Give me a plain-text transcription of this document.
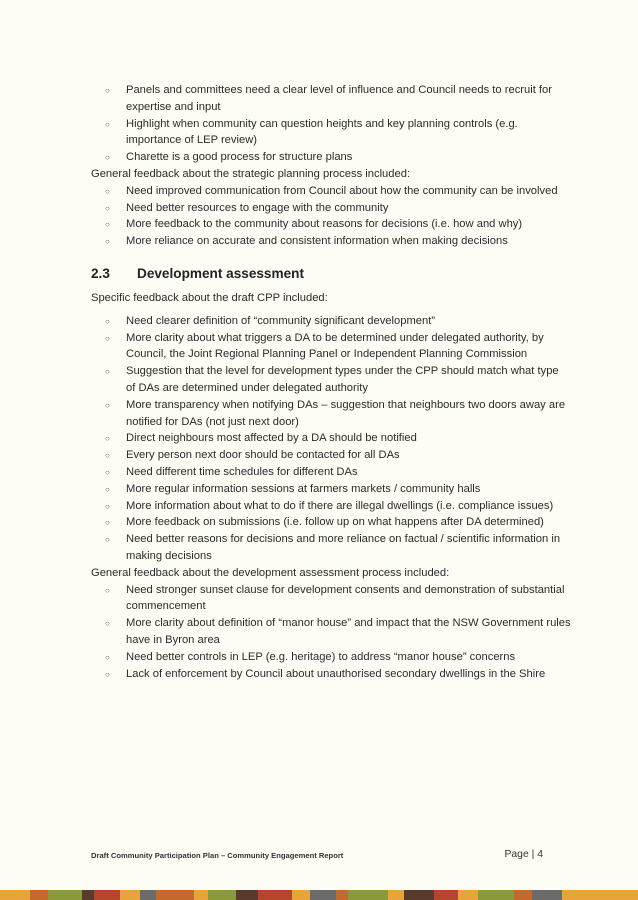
○ Panels and committees need a clear level of influence and Council needs to recruit for expertise and input
○ Highlight when community can question heights and key planning controls (e.g. importance of LEP review)
○ Charette is a good process for structure plans

General feedback about the strategic planning process included:

○ Need improved communication from Council about how the community can be involved
○ Need better resources to engage with the community
○ More feedback to the community about reasons for decisions (i.e. how and why)
○ More reliance on accurate and consistent information when making decisions
2.3 Development assessment

Specific feedback about the draft CPP included:

○ Need clearer definition of “community significant development”
○ More clarity about what triggers a DA to be determined under delegated authority, by Council, the Joint Regional Planning Panel or Independent Planning Commission
○ Suggestion that the level for development types under the CPP should match what type of DAs are determined under delegated authority
○ More transparency when notifying DAs – suggestion that neighbours two doors away are notified for DAs (not just next door)
○ Direct neighbours most affected by a DA should be notified
○ Every person next door should be contacted for all DAs
○ Need different time schedules for different DAs
○ More regular information sessions at farmers markets / community halls
○ More information about what to do if there are illegal dwellings (i.e. compliance issues)
○ More feedback on submissions (i.e. follow up on what happens after DA determined)
○ Need better reasons for decisions and more reliance on factual / scientific information in making decisions

General feedback about the development assessment process included:

○ Need stronger sunset clause for development consents and demonstration of substantial commencement
○ More clarity about definition of “manor house” and impact that the NSW Government rules have in Byron area
○ Need better controls in LEP (e.g. heritage) to address “manor house” concerns
○ Lack of enforcement by Council about unauthorised secondary dwellings in the Shire
Draft Community Participation Plan – Community Engagement Report	Page | 4
